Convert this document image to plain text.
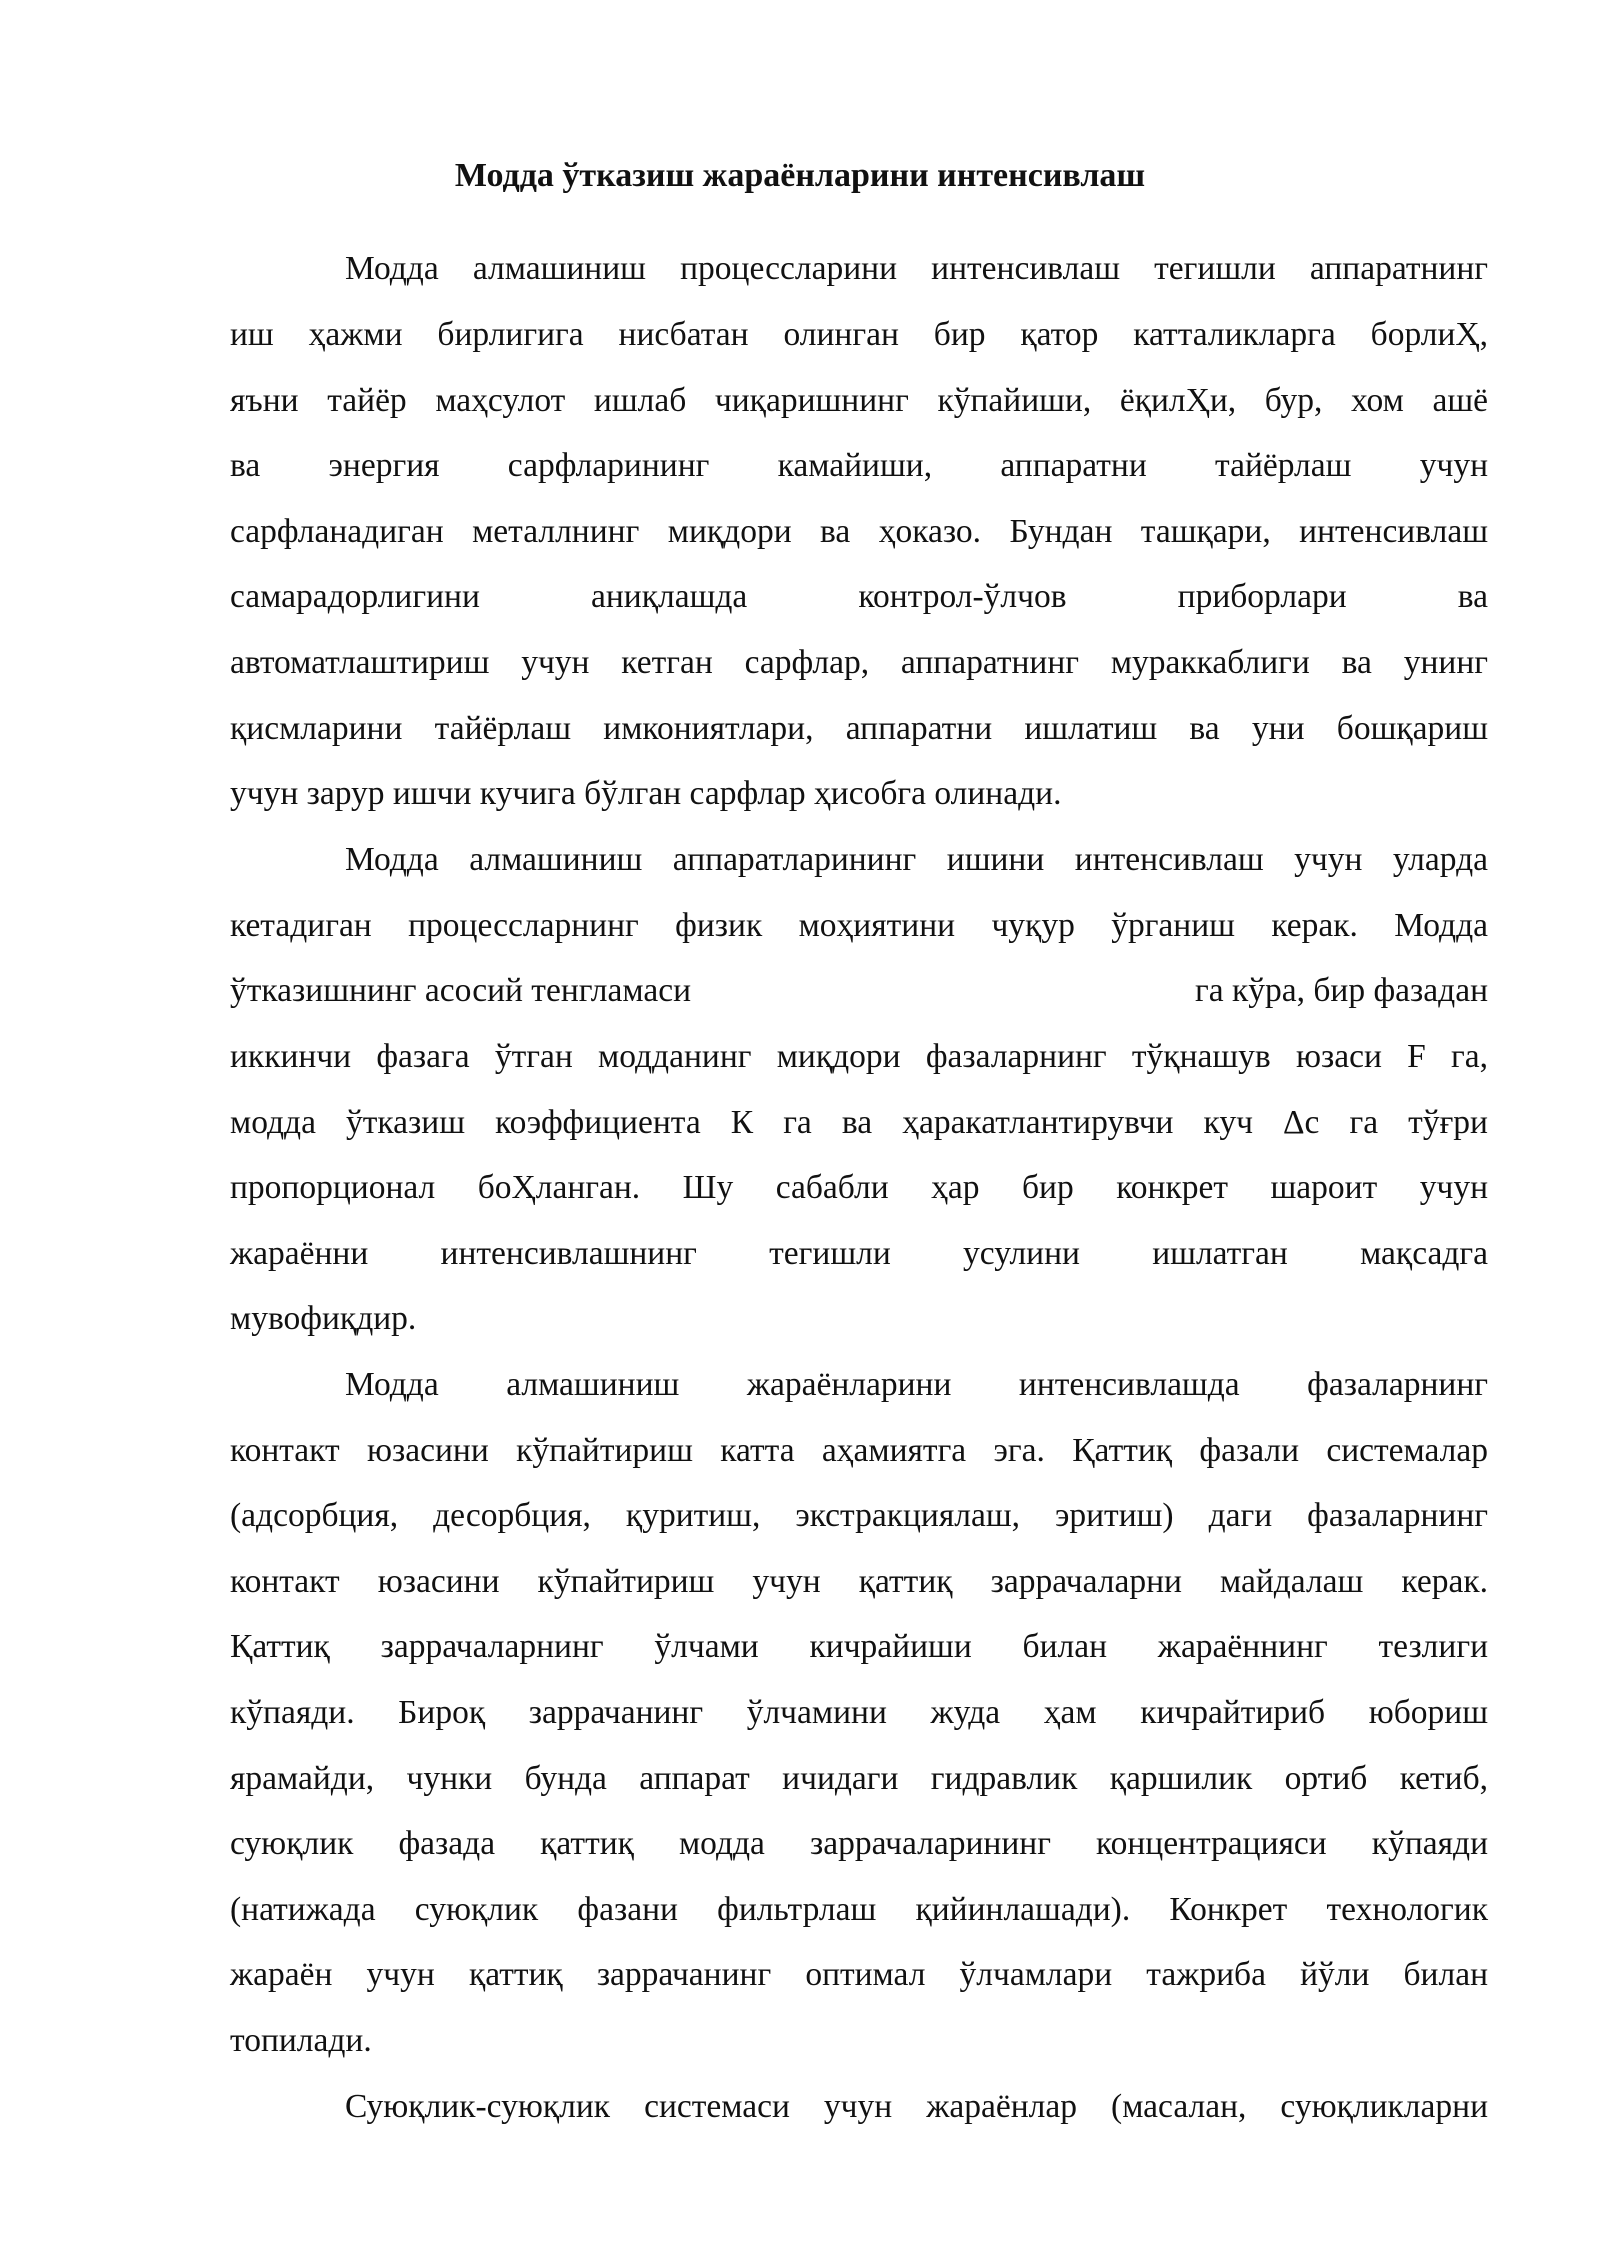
Модда ўтказиш жараёнларини интенсивлаш
Модда алмашиниш процессларини интенсивлаш тегишли аппаратнинг
иш ҳажми бирлигига нисбатан олинган бир қатор катталикларга борлиҲ,
яъни тайёр маҳсулот ишлаб чиқаришнинг кўпайиши, ёқилҲи, бур, хом ашё
ва энергия сарфларининг камайиши, аппаратни тайёрлаш учун
сарфланадиган металлнинг миқдори ва ҳоказо. Бундан ташқари, интенсивлаш
самарадорлигини аниқлашда контрол-ўлчов приборлари ва
автоматлаштириш учун кетган сарфлар, аппаратнинг мураккаблиги ва унинг
қисмларини тайёрлаш имкониятлари, аппаратни ишлатиш ва уни бошқариш
учун зарур ишчи кучига бўлган сарфлар ҳисобга олинади.
Модда алмашиниш аппаратларининг ишини интенсивлаш учун уларда
кетадиган процессларнинг физик моҳиятини чуқур ўрганиш керак. Модда
ўтказишнинг асосий тенгламаси	га кўра, бир фазадан
иккинчи фазага ўтган модданинг миқдори фазаларнинг тўқнашув юзаси F га,
модда ўтказиш коэффициента К га ва ҳаракатлантирувчи куч Δс га тўғри
пропорционал боҲланган. Шу сабабли ҳар бир конкрет шароит учун
жараённи интенсивлашнинг тегишли усулини ишлатган мақсадга
мувофиқдир.
Модда алмашиниш жараёнларини интенсивлашда фазаларнинг
контакт юзасини кўпайтириш катта аҳамиятга эга. Қаттиқ фазали системалар
(адсорбция, десорбция, қуритиш, экстракциялаш, эритиш) даги фазаларнинг
контакт юзасини кўпайтириш учун қаттиқ заррачаларни майдалаш керак.
Қаттиқ заррачаларнинг ўлчами кичрайиши билан жараённинг тезлиги
кўпаяди. Бироқ заррачанинг ўлчамини жуда ҳам кичрайтириб юбориш
ярамайди, чунки бунда аппарат ичидаги гидравлик қаршилик ортиб кетиб,
суюқлик фазада қаттиқ модда заррачаларининг концентрацияси кўпаяди
(натижада суюқлик фазани фильтрлаш қийинлашади). Конкрет технологик
жараён учун қаттиқ заррачанинг оптимал ўлчамлари тажриба йўли билан
топилади.
Суюқлик-суюқлик системаси учун жараёнлар (масалан, суюқликларни
